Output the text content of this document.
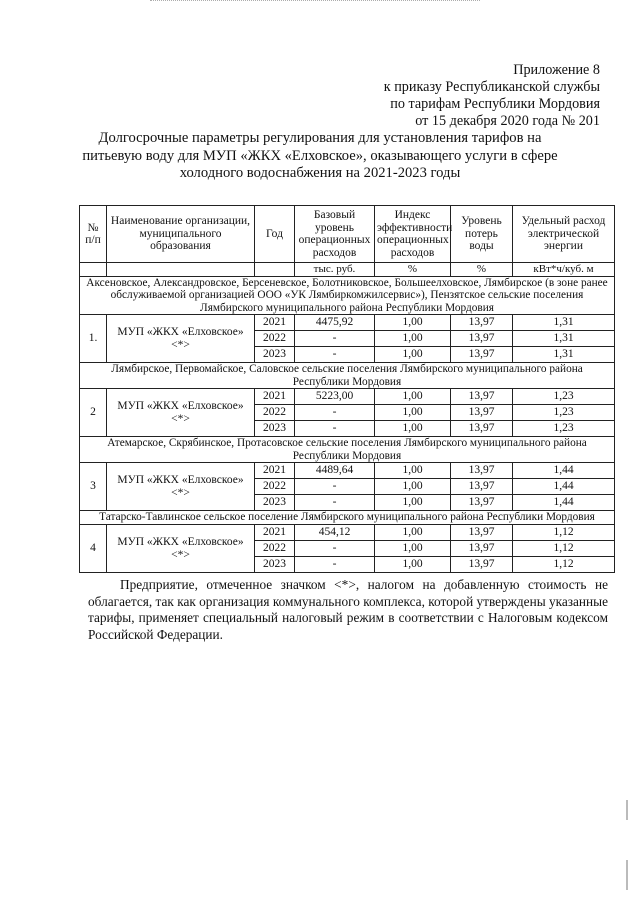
Приложение 8
к приказу Республиканской службы
по тарифам Республики Мордовия
от 15 декабря 2020 года № 201
Долгосрочные параметры регулирования для установления тарифов на
питьевую воду для МУП «ЖКХ «Елховское», оказывающего услуги в сфере
холодного водоснабжения на 2021-2023 годы
№ п/п	Наименование организации, муниципального образования	Год	Базовый уровень операционных расходов	Индекс эффективности операционных расходов	Уровень потерь воды	Удельный расход электрической энергии
			тыс. руб.	%	%	кВт*ч/куб. м
Аксеновское, Александровское, Берсеневское, Болотниковское, Большеелховское, Лямбирское (в зоне ранее обслуживаемой организацией ООО «УК Лямбиркомжилсервис»), Пензятское сельские поселения Лямбирского муниципального района Республики Мордовия						
1.	МУП «ЖКХ «Елховское» <*>	2021	4475,92	1,00	13,97	1,31
		2022	-	1,00	13,97	1,31
		2023	-	1,00	13,97	1,31
Лямбирское, Первомайское, Саловское сельские поселения Лямбирского муниципального района Республики Мордовия						
2	МУП «ЖКХ «Елховское» <*>	2021	5223,00	1,00	13,97	1,23
		2022	-	1,00	13,97	1,23
		2023	-	1,00	13,97	1,23
Атемарское, Скрябинское, Протасовское сельские поселения Лямбирского муниципального района Республики Мордовия						
3	МУП «ЖКХ «Елховское» <*>	2021	4489,64	1,00	13,97	1,44
		2022	-	1,00	13,97	1,44
		2023	-	1,00	13,97	1,44
Татарско-Тавлинское сельское поселение Лямбирского муниципального района Республики Мордовия						
4	МУП «ЖКХ «Елховское» <*>	2021	454,12	1,00	13,97	1,12
		2022	-	1,00	13,97	1,12
		2023	-	1,00	13,97	1,12
Предприятие, отмеченное значком <*>, налогом на добавленную стоимость не облагается, так как организация коммунального комплекса, которой утверждены указанные тарифы, применяет специальный налоговый режим в соответствии с Налоговым кодексом Российской Федерации.
